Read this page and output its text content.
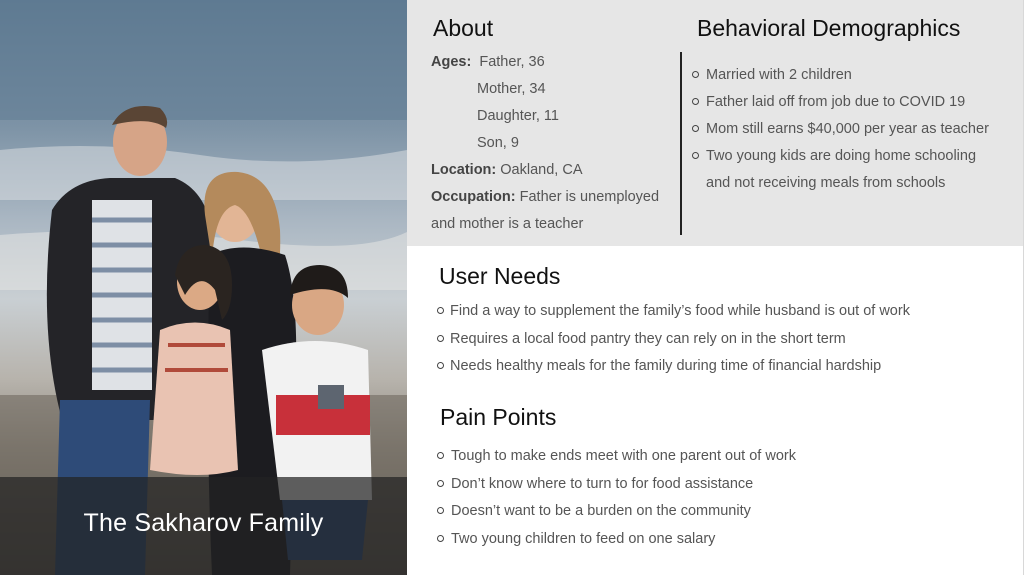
The Sakharov Family
About
Ages: Father, 36
Mother, 34
Daughter, 11
Son, 9
Location: Oakland, CA
Occupation: Father is unemployed
and mother is a teacher
Behavioral Demographics
Married with 2 children
Father laid off from job due to COVID 19
Mom still earns $40,000 per year as teacher
Two young kids are doing home schooling
and not receiving meals from schools
User Needs
Find a way to supplement the family’s food while husband is out of work
Requires a local food pantry they can rely on in the short term
Needs healthy meals for the family during time of financial hardship
Pain Points
Tough to make ends meet with one parent out of work
Don’t know where to turn to for food assistance
Doesn’t want to be a burden on the community
Two young children to feed on one salary
